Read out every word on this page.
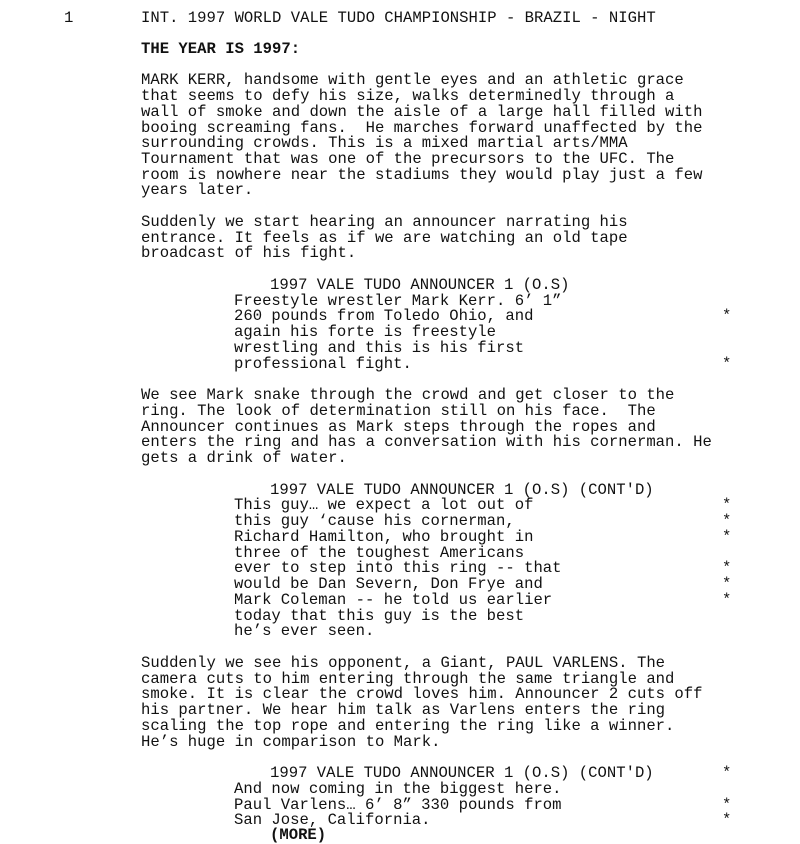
1	INT. 1997 WORLD VALE TUDO CHAMPIONSHIP - BRAZIL - NIGHT
THE YEAR IS 1997:
MARK KERR, handsome with gentle eyes and an athletic grace
that seems to defy his size, walks determinedly through a
wall of smoke and down the aisle of a large hall filled with
booing screaming fans.  He marches forward unaffected by the
surrounding crowds. This is a mixed martial arts/MMA
Tournament that was one of the precursors to the UFC. The
room is nowhere near the stadiums they would play just a few
years later.
Suddenly we start hearing an announcer narrating his
entrance. It feels as if we are watching an old tape
broadcast of his fight.
1997 VALE TUDO ANNOUNCER 1 (O.S)
Freestyle wrestler Mark Kerr. 6’ 1”
260 pounds from Toledo Ohio, and	*
again his forte is freestyle
wrestling and this is his first
professional fight.	*
We see Mark snake through the crowd and get closer to the
ring. The look of determination still on his face.  The
Announcer continues as Mark steps through the ropes and
enters the ring and has a conversation with his cornerman. He
gets a drink of water.
1997 VALE TUDO ANNOUNCER 1 (O.S) (CONT'D)
This guy… we expect a lot out of	*
this guy ‘cause his cornerman,	*
Richard Hamilton, who brought in	*
three of the toughest Americans
ever to step into this ring -- that	*
would be Dan Severn, Don Frye and	*
Mark Coleman -- he told us earlier	*
today that this guy is the best
he’s ever seen.
Suddenly we see his opponent, a Giant, PAUL VARLENS. The
camera cuts to him entering through the same triangle and
smoke. It is clear the crowd loves him. Announcer 2 cuts off
his partner. We hear him talk as Varlens enters the ring
scaling the top rope and entering the ring like a winner.
He’s huge in comparison to Mark.
1997 VALE TUDO ANNOUNCER 1 (O.S) (CONT'D)	*
And now coming in the biggest here.
Paul Varlens… 6’ 8” 330 pounds from	*
San Jose, California.	*
(MORE)
